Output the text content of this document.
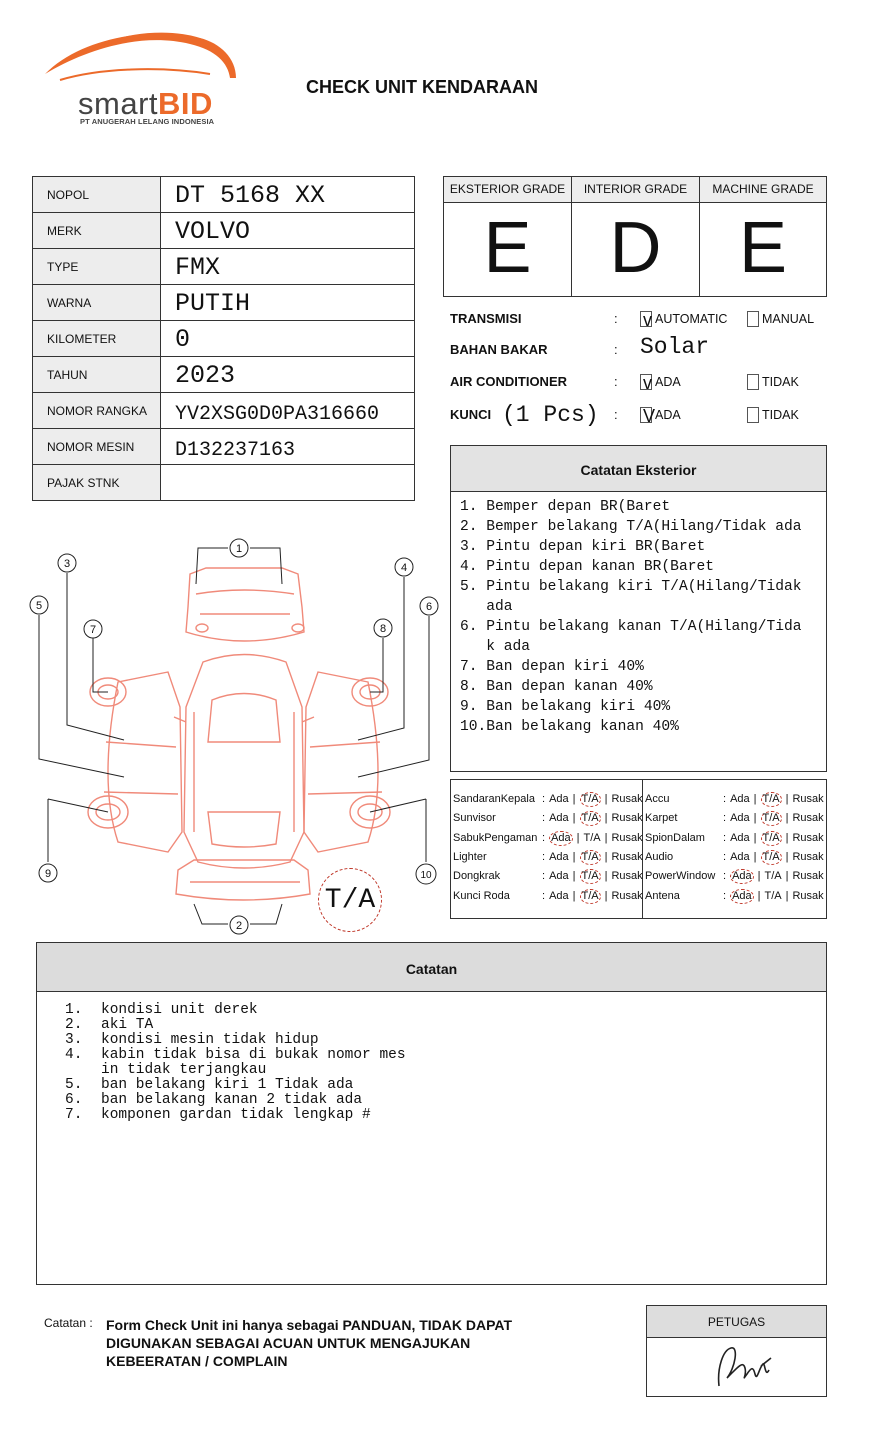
smartBID
PT ANUGERAH LELANG INDONESIA
CHECK UNIT KENDARAAN
NOPOL	DT 5168 XX
MERK	VOLVO
TYPE	FMX
WARNA	PUTIH
KILOMETER	0
TAHUN	2023
NOMOR RANGKA	YV2XSG0D0PA316660
NOMOR MESIN	D132237163
PAJAK STNK	
EKSTERIOR GRADE
E
INTERIOR GRADE
D
MACHINE GRADE
E
TRANSMISI	: v AUTOMATIC	MANUAL
BAHAN BAKAR	: Solar
AIR CONDITIONER	: v ADA	TIDAK
KUNCI (1 Pcs) : V ADA	TIDAK
Catatan Eksterior
1. Bemper depan BR(Baret
2. Bemper belakang T/A(Hilang/Tidak ada
3. Pintu depan kiri BR(Baret
4. Pintu depan kanan BR(Baret
5. Pintu belakang kiri T/A(Hilang/Tidak
ada
6. Pintu belakang kanan T/A(Hilang/Tida
k ada
7. Ban depan kiri 40%
8. Ban depan kanan 40%
9. Ban belakang kiri 40%
10.Ban belakang kanan 40%
SandaranKepala : Ada | T/A | Rusak Accu	: Ada | T/A | Rusak
Sunvisor	: Ada | T/A | Rusak Karpet	: Ada | T/A | Rusak
SabukPengaman : Ada | T/A | Rusak SpionDalam : Ada | T/A | Rusak
Lighter	: Ada | T/A | Rusak Audio	: Ada | T/A | Rusak
Dongkrak	: Ada | T/A | Rusak PowerWindow : Ada | T/A | Rusak
Kunci Roda	: Ada | T/A | Rusak Antena	: Ada | T/A | Rusak
1
2
3	4
5	6
7	8
9	10
T/A
Catatan
1.	kondisi unit derek
2.	aki TA
3.	kondisi mesin tidak hidup
4.	kabin tidak bisa di bukak nomor mes
in tidak terjangkau
5.	ban belakang kiri 1 Tidak ada
6.	ban belakang kanan 2 tidak ada
7.	komponen gardan tidak lengkap #
Catatan : Form Check Unit ini hanya sebagai PANDUAN, TIDAK DAPAT DIGUNAKAN SEBAGAI ACUAN UNTUK MENGAJUKAN KEBEERATAN / COMPLAIN
PETUGAS
